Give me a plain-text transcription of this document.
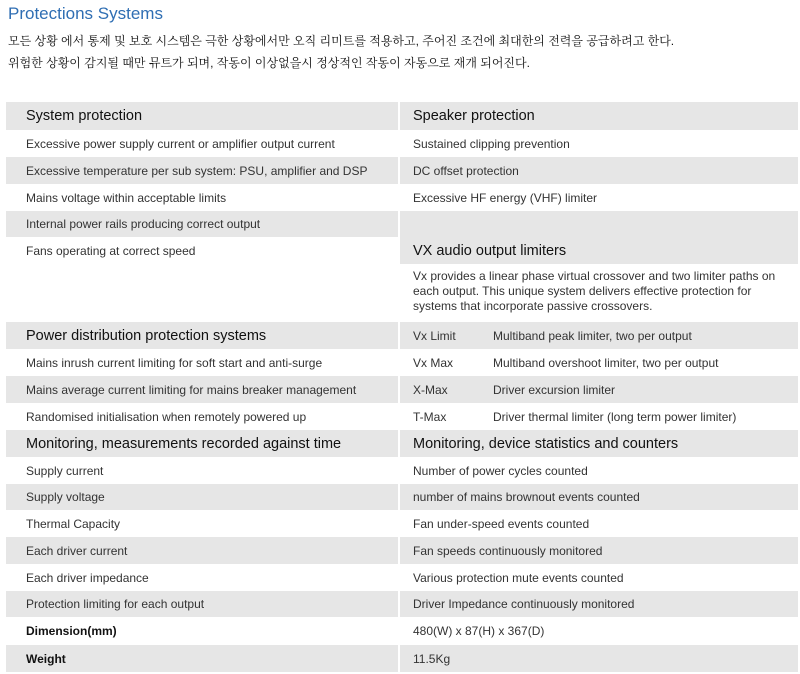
Protections Systems
모든 상황 에서 통제 및 보호 시스템은 극한 상황에서만 오직 리미트를 적용하고, 주어진 조건에 최대한의 전력을 공급하려고 한다.
위험한 상황이 감지될 때만 뮤트가 되며, 작동이 이상없을시 정상적인 작동이 자동으로 재개 되어진다.
System protection	Speaker protection
Excessive power supply current or amplifier output current	Sustained clipping prevention
Excessive temperature per sub system: PSU, amplifier and DSP	DC offset protection
Mains voltage within acceptable limits	Excessive HF energy (VHF) limiter
Internal power rails producing correct output
Fans operating at correct speed	VX audio output limiters
Vx provides a linear phase virtual crossover and two limiter paths on each output. This unique system delivers effective protection for systems that incorporate passive crossovers.
Power distribution protection systems	Vx Limit	Multiband peak limiter, two per output
Mains inrush current limiting for soft start and anti-surge	Vx Max	Multiband overshoot limiter, two per output
Mains average current limiting for mains breaker management	X-Max	Driver excursion limiter
Randomised initialisation when remotely powered up	T-Max	Driver thermal limiter (long term power limiter)
Monitoring, measurements recorded against time	Monitoring, device statistics and counters
Supply current	Number of power cycles counted
Supply voltage	number of mains brownout events counted
Thermal Capacity	Fan under-speed events counted
Each driver current	Fan speeds continuously monitored
Each driver impedance	Various protection mute events counted
Protection limiting for each output	Driver Impedance continuously monitored
Dimension(mm)	480(W) x 87(H) x 367(D)
Weight	11.5Kg
